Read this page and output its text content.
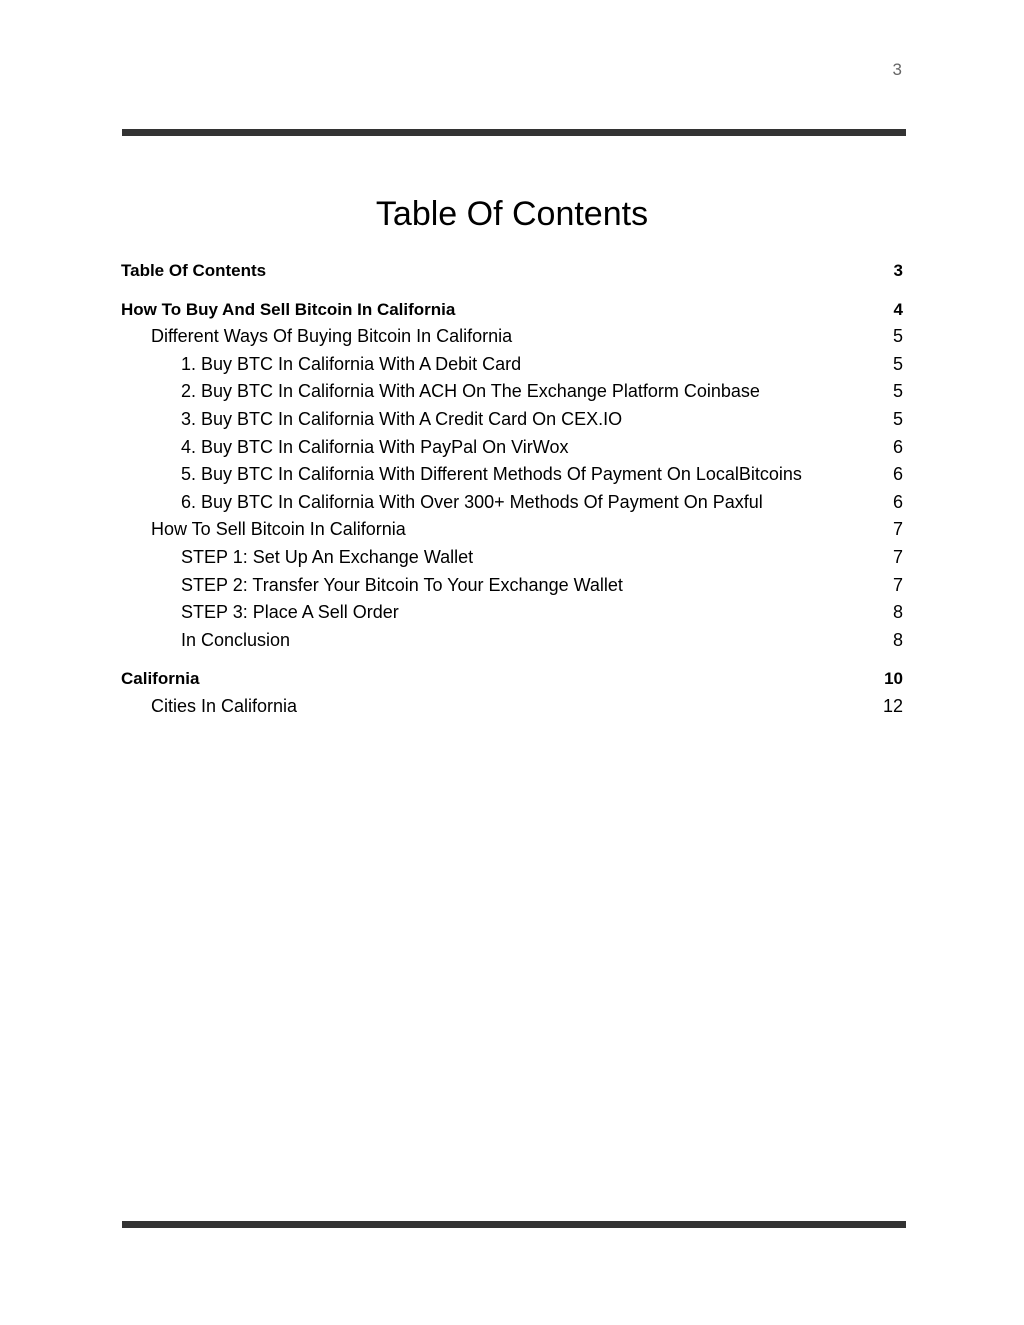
3
Table Of Contents
Table Of Contents	3
How To Buy And Sell Bitcoin In California	4
Different Ways Of Buying Bitcoin In California	5
1. Buy BTC In California With A Debit Card	5
2. Buy BTC In California With ACH On The Exchange Platform Coinbase	5
3. Buy BTC In California With A Credit Card On CEX.IO	5
4. Buy BTC In California With PayPal On VirWox	6
5. Buy BTC In California With Different Methods Of Payment On LocalBitcoins	6
6. Buy BTC In California With Over 300+ Methods Of Payment On Paxful	6
How To Sell Bitcoin In California	7
STEP 1: Set Up An Exchange Wallet	7
STEP 2: Transfer Your Bitcoin To Your Exchange Wallet	7
STEP 3: Place A Sell Order	8
In Conclusion	8
California	10
Cities In California	12
